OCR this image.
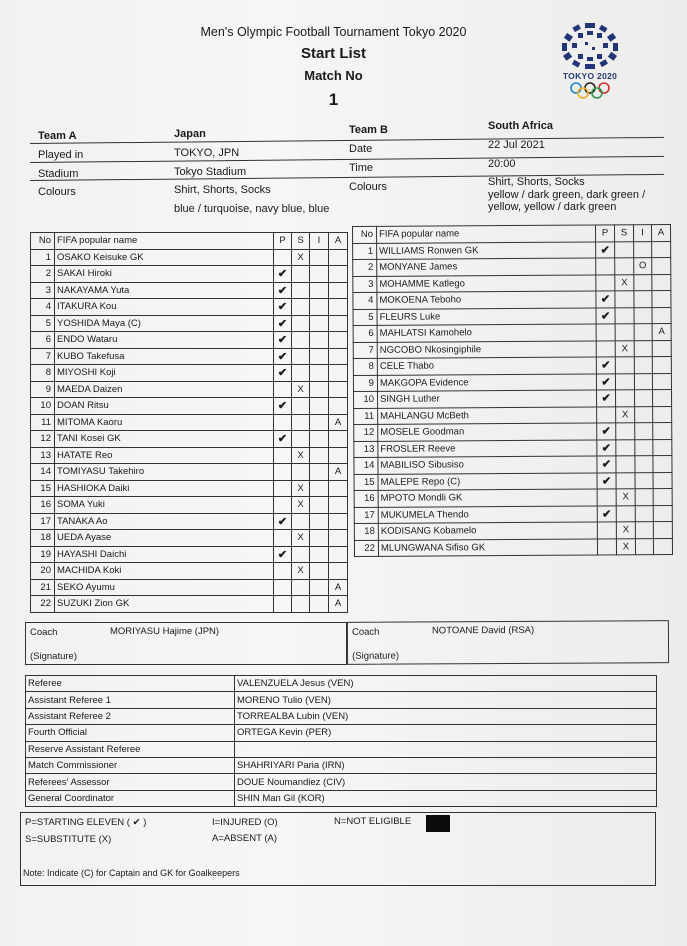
Men's Olympic Football Tournament Tokyo 2020
Start List
Match No
1
TOKYO 2020
Team A	Japan	Team B	South Africa
Played in	TOKYO, JPN	Date	22 Jul 2021
Stadium	Tokyo Stadium	Time	20:00
Colours	Shirt, Shorts, Socks
blue / turquoise, navy blue, blue
Colours	Shirt, Shorts, Socks
yellow / dark green, dark green /
yellow, yellow / dark green
No	FIFA popular name	P	S	I	A
1	OSAKO Keisuke GK		X		
2	SAKAI Hiroki	✔			
3	NAKAYAMA Yuta	✔			
4	ITAKURA Kou	✔			
5	YOSHIDA Maya (C)	✔			
6	ENDO Wataru	✔			
7	KUBO Takefusa	✔			
8	MIYOSHI Koji	✔			
9	MAEDA Daizen		X		
10	DOAN Ritsu	✔			
11	MITOMA Kaoru				A
12	TANI Kosei GK	✔			
13	HATATE Reo		X		
14	TOMIYASU Takehiro				A
15	HASHIOKA Daiki		X		
16	SOMA Yuki		X		
17	TANAKA Ao	✔			
18	UEDA Ayase		X		
19	HAYASHI Daichi	✔			
20	MACHIDA Koki		X		
21	SEKO Ayumu				A
22	SUZUKI Zion GK				A
No	FIFA popular name	P	S	I	A
1	WILLIAMS Ronwen GK	✔			
2	MONYANE James			O	
3	MOHAMME Katlego		X		
4	MOKOENA Teboho	✔			
5	FLEURS Luke	✔			
6	MAHLATSI Kamohelo				A
7	NGCOBO Nkosingiphile		X		
8	CELE Thabo	✔			
9	MAKGOPA Evidence	✔			
10	SINGH Luther	✔			
11	MAHLANGU McBeth		X		
12	MOSELE Goodman	✔			
13	FROSLER Reeve	✔			
14	MABILISO Sibusiso	✔			
15	MALEPE Repo (C)	✔			
16	MPOTO Mondli GK		X		
17	MUKUMELA Thendo	✔			
18	KODISANG Kobamelo		X		
22	MLUNGWANA Sifiso GK		X		
Coach	MORIYASU Hajime (JPN)
(Signature)
Coach	NOTOANE David (RSA)
(Signature)
Referee	VALENZUELA Jesus (VEN)
Assistant Referee 1	MORENO Tulio (VEN)
Assistant Referee 2	TORREALBA Lubin (VEN)
Fourth Official	ORTEGA Kevin (PER)
Reserve Assistant Referee	
Match Commissioner	SHAHRIYARI Paria (IRN)
Referees' Assessor	DOUE Noumandiez (CIV)
General Coordinator	SHIN Man Gil (KOR)
P=STARTING ELEVEN ( ✔ )	I=INJURED (O)	N=NOT ELIGIBLE
S=SUBSTITUTE (X)	A=ABSENT (A)
Note: Indicate (C) for Captain and GK for Goalkeepers
